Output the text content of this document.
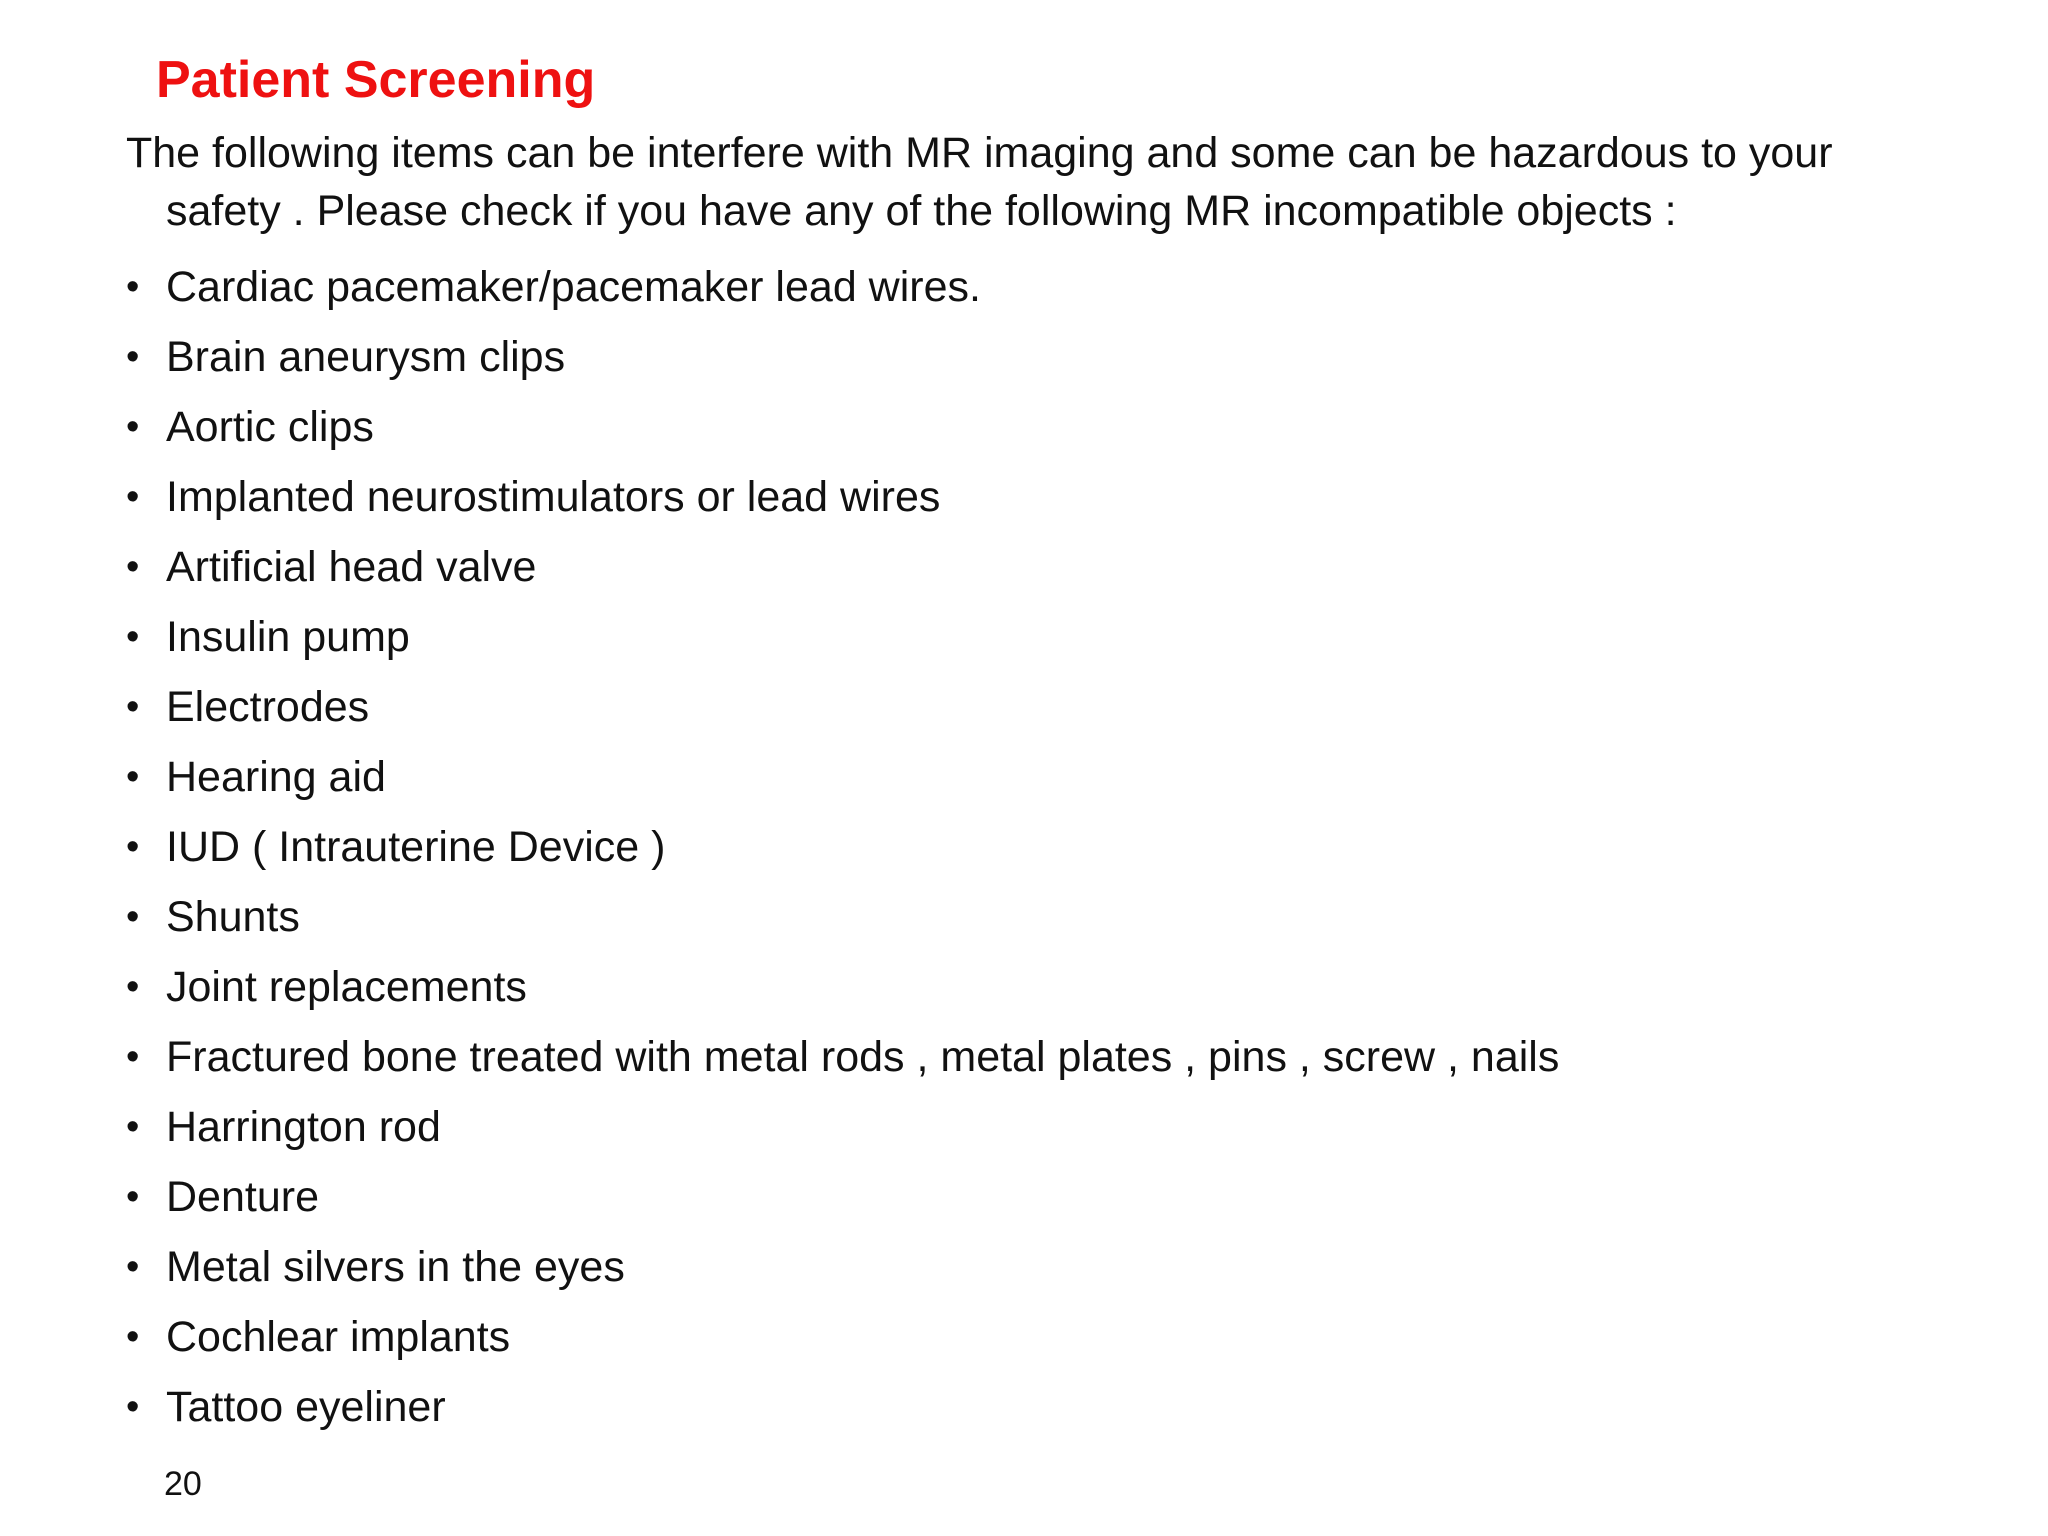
Patient Screening

The following items can be interfere with MR imaging and some can be hazardous to your
safety . Please check if you have any of the following MR incompatible objects :

• Cardiac pacemaker/pacemaker lead wires.
• Brain aneurysm clips
• Aortic clips
• Implanted neurostimulators or lead wires
• Artificial head valve
• Insulin pump
• Electrodes
• Hearing aid
• IUD ( Intrauterine Device )
• Shunts
• Joint replacements
• Fractured bone treated with metal rods , metal plates , pins , screw , nails
• Harrington rod
• Denture
• Metal silvers in the eyes
• Cochlear implants
• Tattoo eyeliner
20
